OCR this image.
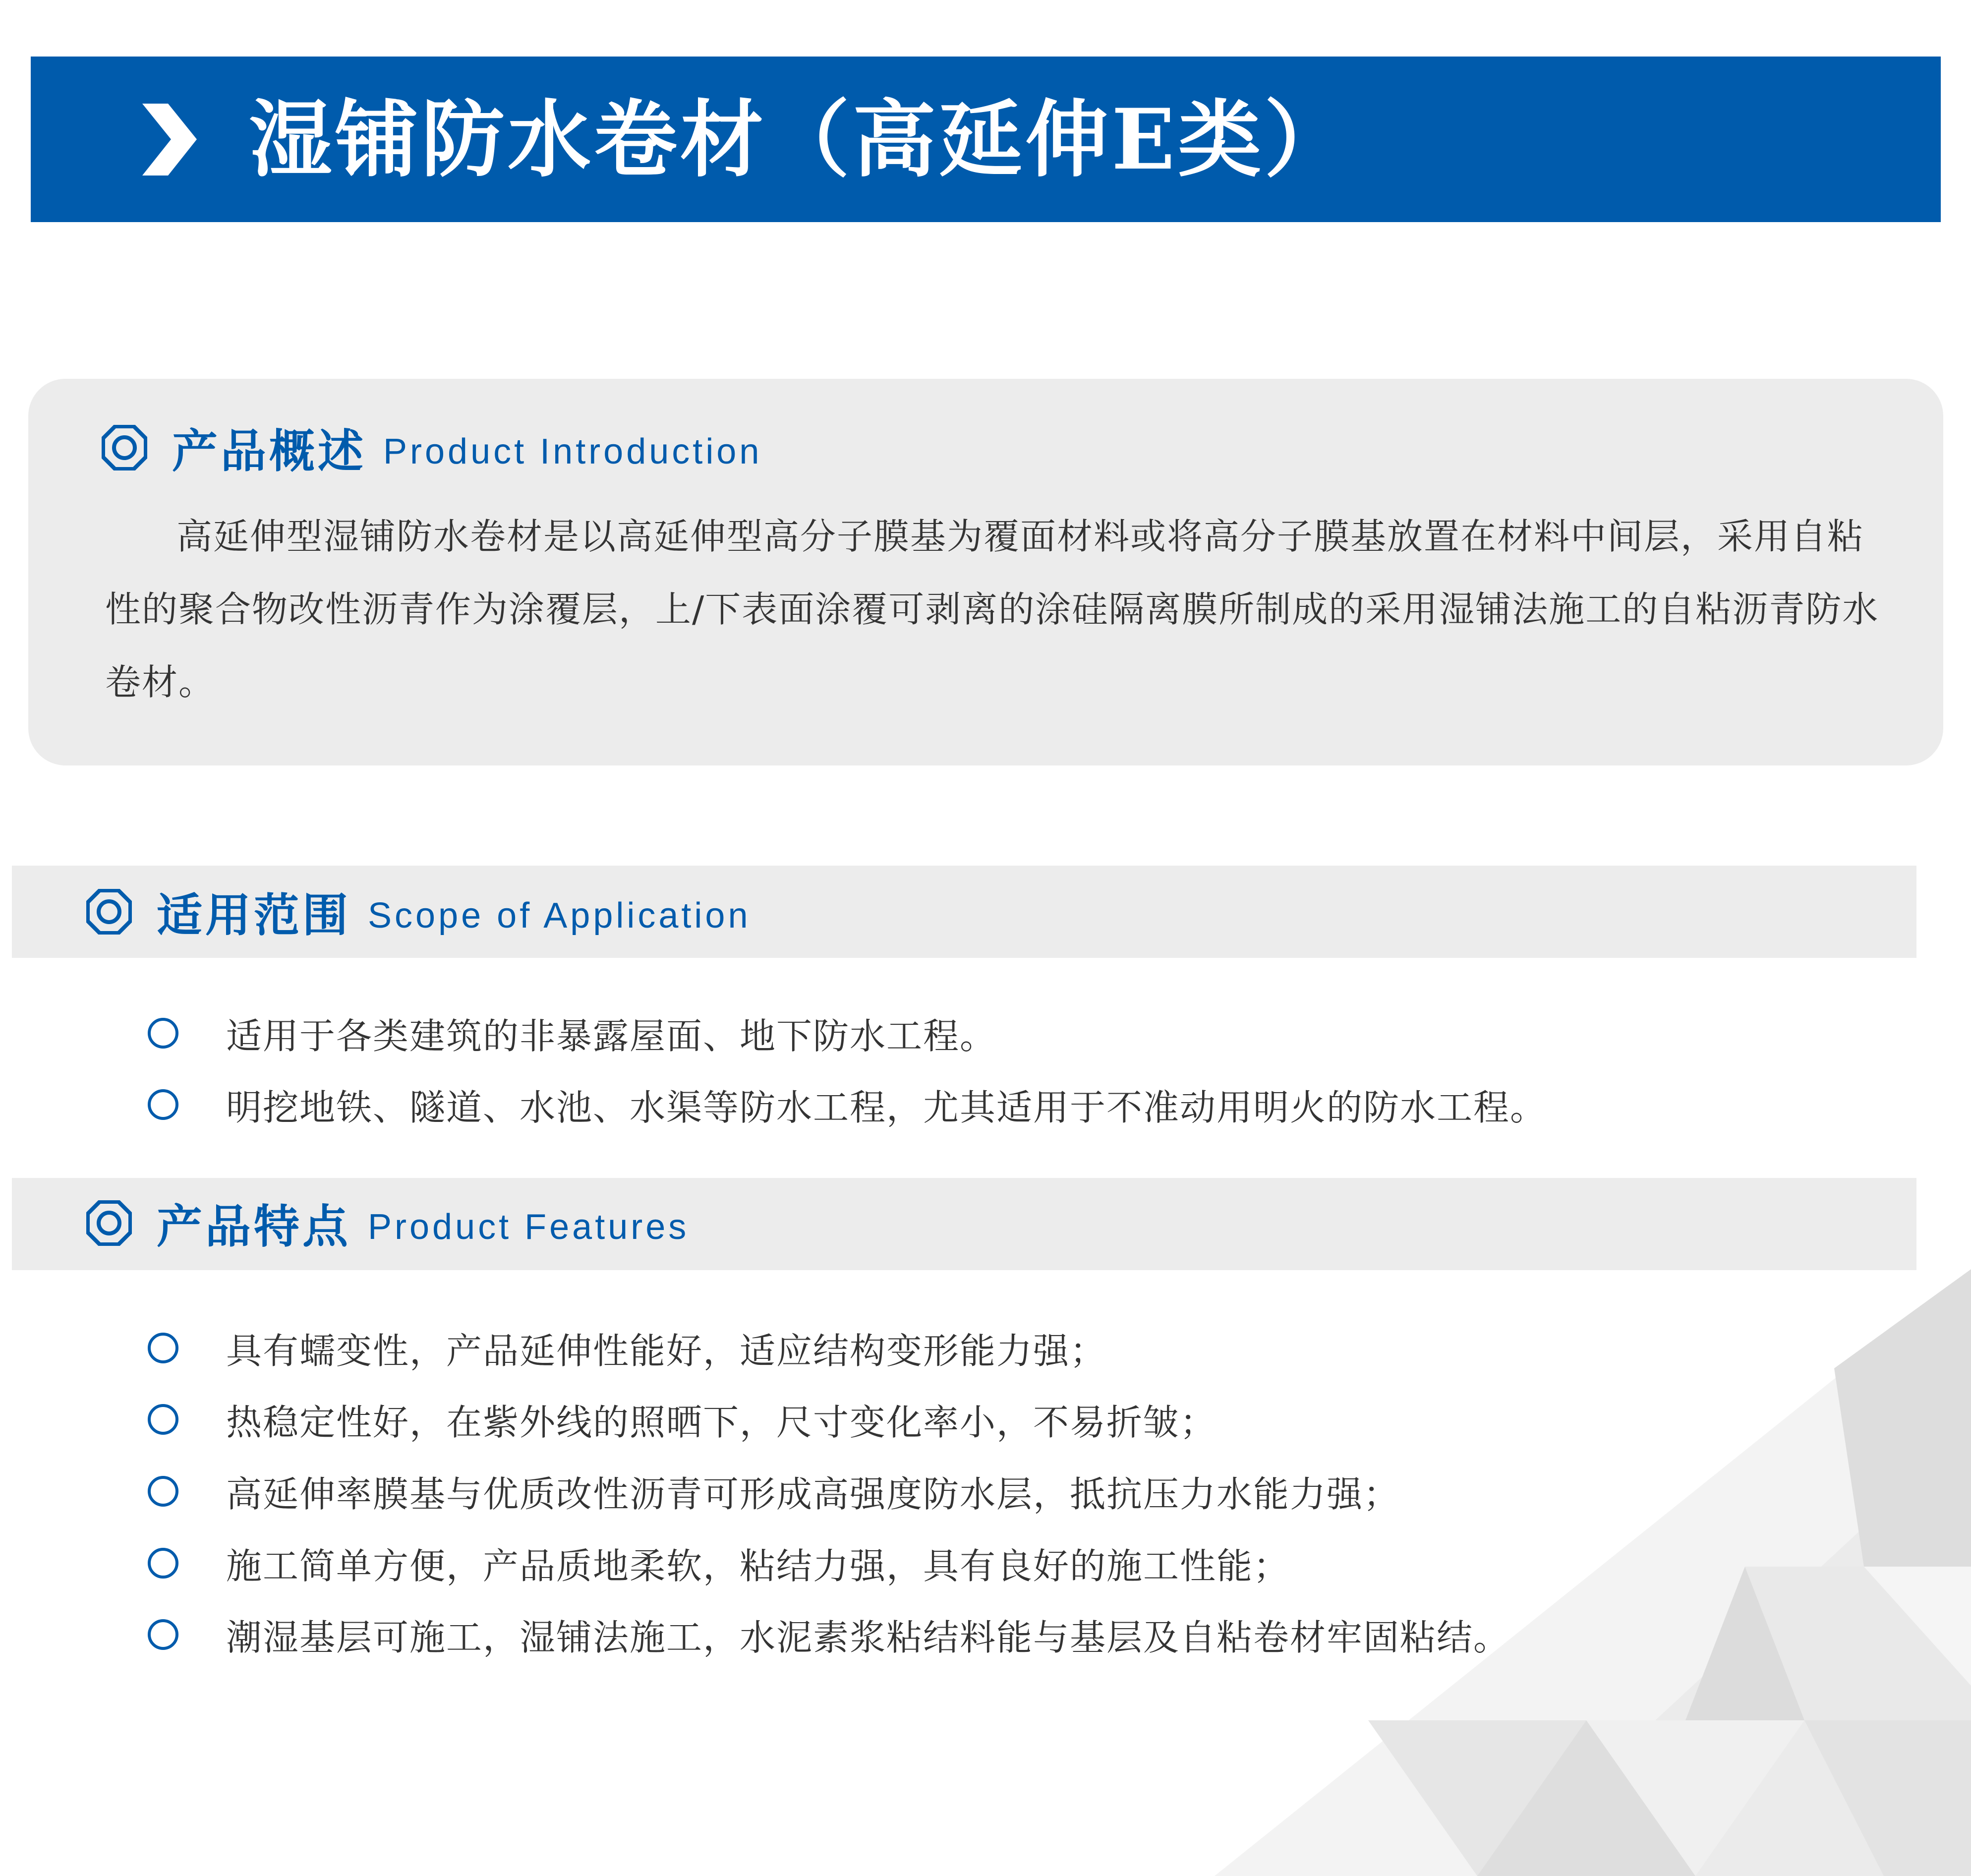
湿铺防水卷材（高延伸E类）
产品概述 Product Introduction

高延伸型湿铺防水卷材是以高延伸型高分子膜基为覆面材料或将高分子膜基放置在材料中间层，采用自粘性的聚合物改性沥青作为涂覆层，上/下表面涂覆可剥离的涂硅隔离膜所制成的采用湿铺法施工的自粘沥青防水卷材。

适用范围 Scope of Application
适用于各类建筑的非暴露屋面、地下防水工程。
明挖地铁、隧道、水池、水渠等防水工程，尤其适用于不准动用明火的防水工程。
产品特点 Product Features
具有蠕变性，产品延伸性能好，适应结构变形能力强；
热稳定性好，在紫外线的照晒下，尺寸变化率小，不易折皱；
高延伸率膜基与优质改性沥青可形成高强度防水层，抵抗压力水能力强；
施工简单方便，产品质地柔软，粘结力强，具有良好的施工性能；
潮湿基层可施工，湿铺法施工，水泥素浆粘结料能与基层及自粘卷材牢固粘结。
